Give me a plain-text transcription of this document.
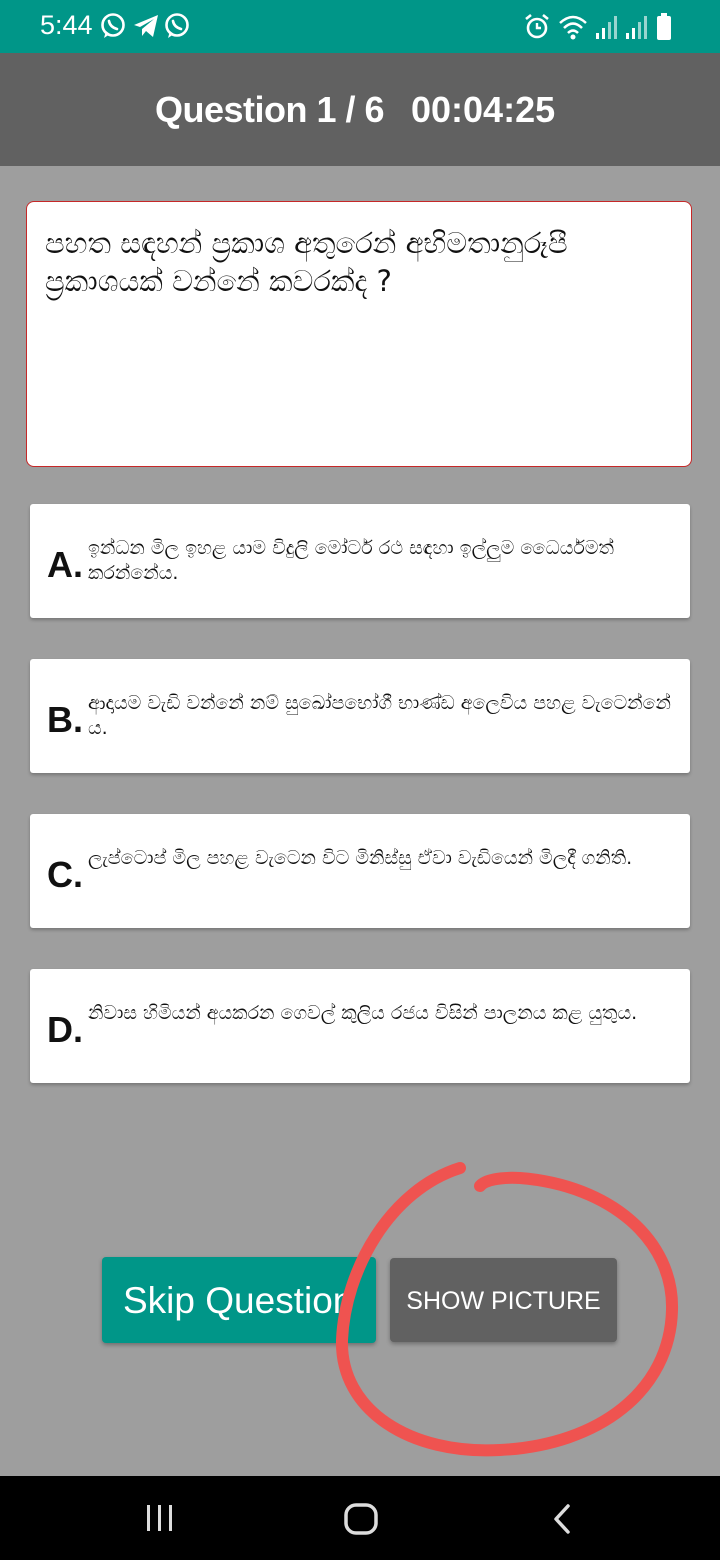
5:44
Question 1 / 6 00:04:25
පහත සඳහන් ප්‍රකාශ අතුරෙන් අභිමතානුරූපී ප්‍රකාශයක් වන්නේ කවරක්ද ?
A. ඉන්ධන මිල ඉහළ යාම විදුලි මෝටර් රථ සඳහා ඉල්ලුම ධෛර්යමත් කරන්නේය.
B. ආදායම වැඩි වන්නේ නම් සුඛෝපභෝගී භාණ්ඩ අලෙවිය පහළ වැටෙන්නේ ය.
C. ලැප්ටොප් මිල පහළ වැටෙන විට මිනිස්සු ඒවා වැඩියෙන් මිලදී ගනිති.
D. නිවාස හිමියන් අයකරන ගෙවල් කුලිය රජය විසින් පාලනය කළ යුතුය.
Skip Question	SHOW PICTURE
